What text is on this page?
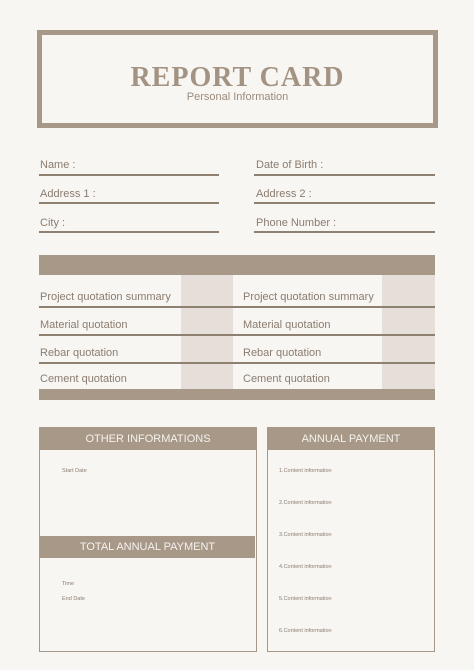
REPORT CARD
Personal Information
Name :	Date of Birth :
Address 1 :	Address 2 :
City :	Phone Number :
Project quotation summary	Project quotation summary
Material quotation	Material quotation
Rebar quotation	Rebar quotation
Cement quotation	Cement quotation
OTHER INFORMATIONS
Start Date
TOTAL ANNUAL PAYMENT
Time
End Date
ANNUAL PAYMENT
1.Content information
2.Content information
3.Content information
4.Content information
5.Content information
6.Content information
